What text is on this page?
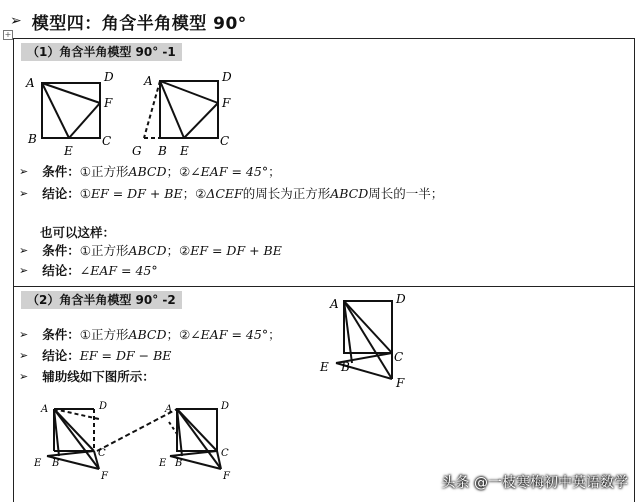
➢ 模型四：角含半角模型 90°
+
（1）角含半角模型 90° -1
A	D
F
B
E
C
A	D
F
G B E
C
➢ 条件： ①正方形 ABCD ；② ∠EAF = 45° ；
➢ 结论： ① EF = DF + BE ；② ΔCEF 的周长为正方形 ABCD 周长的一半；
也可以这样：
➢ 条件： ①正方形 ABCD ；② EF = DF + BE
➢ 结论： ∠EAF = 45°
（2）角含半角模型 90° -2
➢ 条件： ①正方形 ABCD ；② ∠EAF = 45° ；
➢ 结论： EF = DF − BE
➢ 辅助线如下图所示：
A	D
C
E B
F
A	D
C
E B
F
A	D
C
E B
F	头条 @一枝寒梅初中英语数学
